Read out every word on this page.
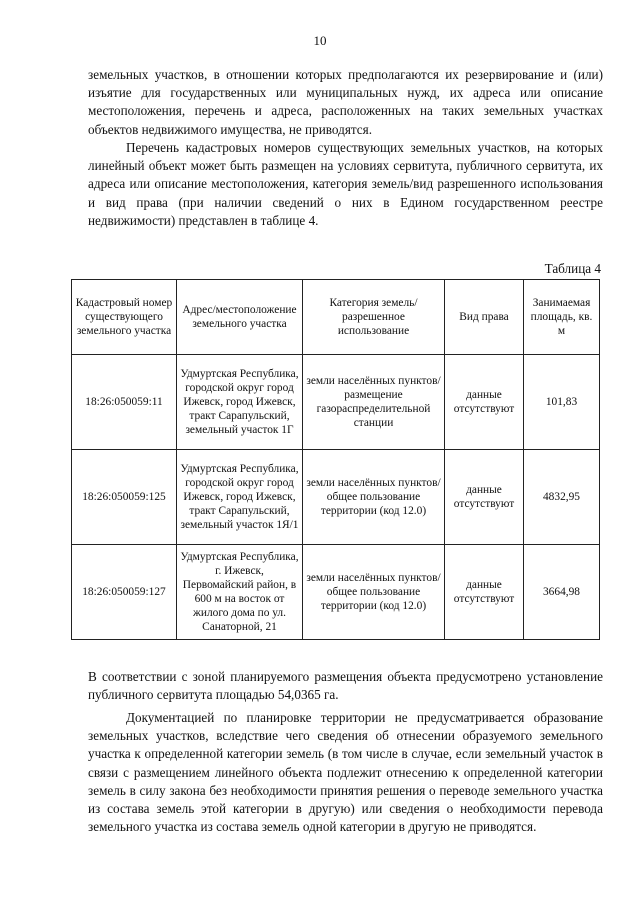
10

земельных участков, в отношении которых предполагаются их резервирование и (или) изъятие для государственных или муниципальных нужд, их адреса или описание местоположения, перечень и адреса, расположенных на таких земельных участках объектов недвижимого имущества, не приводятся.

Перечень кадастровых номеров существующих земельных участков, на которых линейный объект может быть размещен на условиях сервитута, публичного сервитута, их адреса или описание местоположения, категория земель/вид разрешенного использования и вид права (при наличии сведений о них в Едином государственном реестре недвижимости) представлен в таблице 4.

Таблица 4
Кадастровый номер существующего земельного участка	Адрес/местоположение земельного участка	Категория земель/ разрешенное использование	Вид права	Занимаемая площадь, кв. м
18:26:050059:11	Удмуртская Республика, городской округ город Ижевск, город Ижевск, тракт Сарапульский, земельный участок 1Г	земли населённых пунктов/ размещение газораспределительной станции	данные отсутствуют	101,83
18:26:050059:125	Удмуртская Республика, городской округ город Ижевск, город Ижевск, тракт Сарапульский, земельный участок 1Я/1	земли населённых пунктов/общее пользование территории (код 12.0)	данные отсутствуют	4832,95
18:26:050059:127	Удмуртская Республика, г. Ижевск, Первомайский район, в 600 м на восток от жилого дома по ул. Санаторной, 21	земли населённых пунктов/общее пользование территории (код 12.0)	данные отсутствуют	3664,98

В соответствии с зоной планируемого размещения объекта предусмотрено установление публичного сервитута площадью 54,0365 га.

Документацией по планировке территории не предусматривается образование земельных участков, вследствие чего сведения об отнесении образуемого земельного участка к определенной категории земель (в том числе в случае, если земельный участок в связи с размещением линейного объекта подлежит отнесению к определенной категории земель в силу закона без необходимости принятия решения о переводе земельного участка из состава земель этой категории в другую) или сведения о необходимости перевода земельного участка из состава земель одной категории в другую не приводятся.
